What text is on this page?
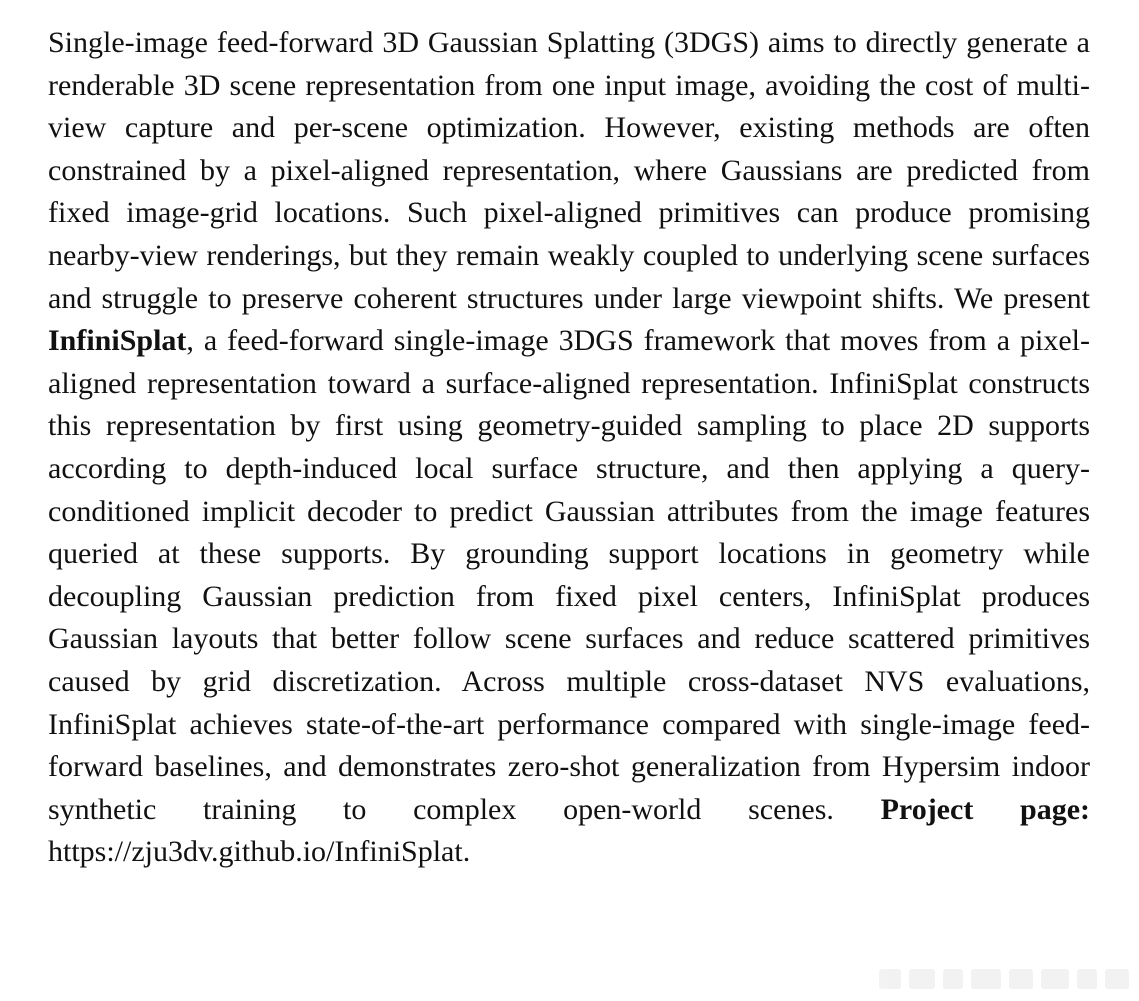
Single-image feed-forward 3D Gaussian Splatting (3DGS) aims to directly generate a renderable 3D scene representation from one input image, avoiding the cost of multi-view capture and per-scene optimization. However, existing methods are often constrained by a pixel-aligned representation, where Gaussians are predicted from fixed image-grid locations. Such pixel-aligned primitives can produce promising nearby-view renderings, but they remain weakly coupled to underlying scene surfaces and struggle to preserve coherent structures under large viewpoint shifts. We present InfiniSplat, a feed-forward single-image 3DGS framework that moves from a pixel-aligned representation toward a surface-aligned representation. InfiniSplat constructs this representation by first using geometry-guided sampling to place 2D supports according to depth-induced local surface structure, and then applying a query-conditioned implicit decoder to predict Gaussian attributes from the image features queried at these supports. By grounding support locations in geometry while decoupling Gaussian prediction from fixed pixel centers, InfiniSplat produces Gaussian layouts that better follow scene surfaces and reduce scattered primitives caused by grid discretization. Across multiple cross-dataset NVS evaluations, InfiniSplat achieves state-of-the-art performance compared with single-image feed-forward baselines, and demonstrates zero-shot generalization from Hypersim indoor synthetic training to complex open-world scenes. Project page: https://zju3dv.github.io/InfiniSplat.
